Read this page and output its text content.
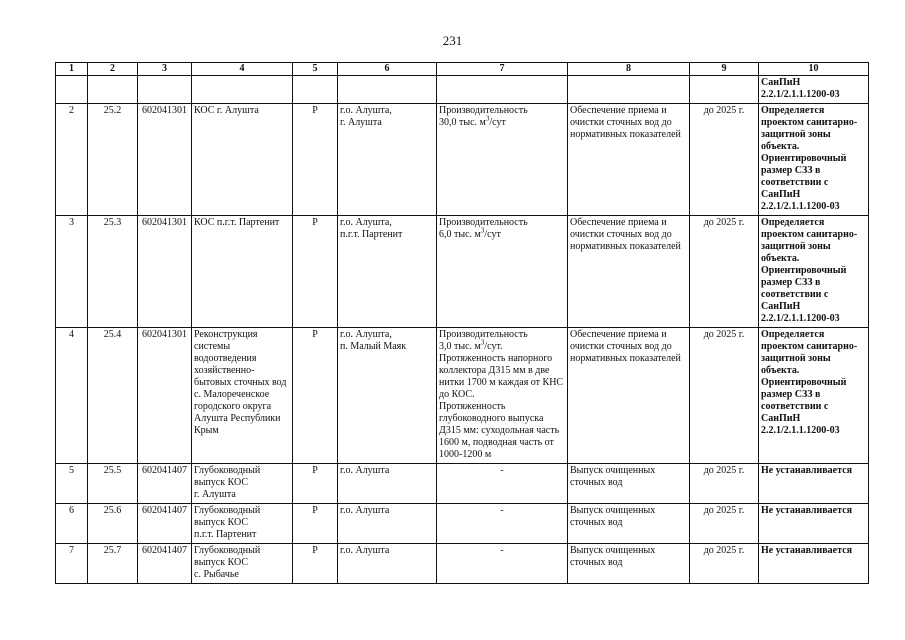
231
1	2	3	4	5	6	7	8	9	10
									СанПиН
2.2.1/2.1.1.1200-03
2	25.2	602041301	КОС г. Алушта	Р	г.о. Алушта,
г. Алушта	Производительность
30,0 тыс. $м^3$/сут	Обеспечение приема и очистки сточных вод до нормативных показателей	до 2025 г.	Определяется проектом санитарно-защитной зоны объекта. Ориентировочный размер СЗЗ в соответствии с СанПиН 2.2.1/2.1.1.1200-03
3	25.3	602041301	КОС п.г.т. Партенит	Р	г.о. Алушта,
п.г.т. Партенит	Производительность
6,0 тыс. $м^3$/сут	Обеспечение приема и очистки сточных вод до нормативных показателей	до 2025 г.	Определяется проектом санитарно-защитной зоны объекта. Ориентировочный размер СЗЗ в соответствии с СанПиН 2.2.1/2.1.1.1200-03
4	25.4	602041301	Реконструкция системы водоотведения хозяйственно-бытовых сточных вод
с. Малореченское городского округа Алушта Республики Крым	Р	г.о. Алушта,
п. Малый Маяк	Производительность
3,0 тыс. $м^3$/сут.
Протяженность напорного коллектора Д315 мм в две нитки 1700 м каждая от КНС до КОС.
Протяженность глубоководного выпуска Д315 мм: суходольная часть 1600 м, подводная часть от 1000-1200 м	Обеспечение приема и очистки сточных вод до нормативных показателей	до 2025 г.	Определяется проектом санитарно-защитной зоны объекта. Ориентировочный размер СЗЗ в соответствии с СанПиН 2.2.1/2.1.1.1200-03
5	25.5	602041407	Глубоководный выпуск КОС
г. Алушта	Р	г.о. Алушта	-	Выпуск очищенных сточных вод	до 2025 г.	Не устанавливается
6	25.6	602041407	Глубоководный выпуск КОС
п.г.т. Партенит	Р	г.о. Алушта	-	Выпуск очищенных сточных вод	до 2025 г.	Не устанавливается
7	25.7	602041407	Глубоководный выпуск КОС
с. Рыбачье	Р	г.о. Алушта	-	Выпуск очищенных сточных вод	до 2025 г.	Не устанавливается
